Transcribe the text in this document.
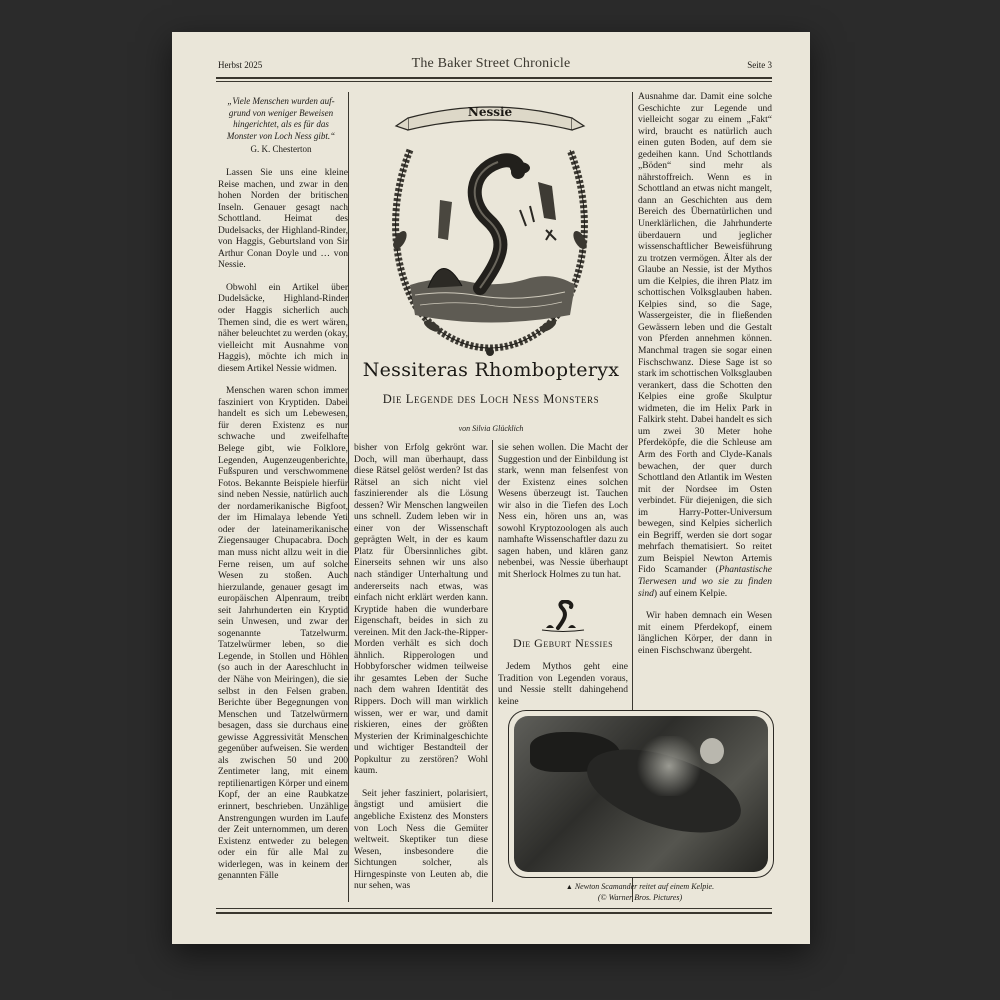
Herbst 2025	The Baker Street Chronicle	Seite 3
„Viele Menschen wurden auf-grund von weniger Beweisen hingerichtet, als es für das Monster von Loch Ness gibt.“
G. K. Chesterton

Lassen Sie uns eine kleine Reise machen, und zwar in den hohen Norden der britischen Inseln. Genauer gesagt nach Schottland. Heimat des Dudelsacks, der Highland-Rinder, von Haggis, Geburtsland von Sir Arthur Conan Doyle und … von Nessie.

Obwohl ein Artikel über Dudelsäcke, Highland-Rinder oder Haggis sicherlich auch Themen sind, die es wert wären, näher beleuchtet zu werden (okay, vielleicht mit Ausnahme von Haggis), möchte ich mich in diesem Artikel Nessie widmen.

Menschen waren schon immer fasziniert von Kryptiden. Dabei handelt es sich um Lebewesen, für deren Existenz es nur schwache und zweifelhafte Belege gibt, wie Folklore, Legenden, Augenzeugenberichte, Fußspuren und verschwommene Fotos. Bekannte Beispiele hierfür sind neben Nessie, natürlich auch der nordamerikanische Bigfoot, der im Himalaya lebende Yeti oder der lateinamerikanische Ziegensauger Chupacabra. Doch man muss nicht allzu weit in die Ferne reisen, um auf solche Wesen zu stoßen. Auch hierzulande, genauer gesagt im europäischen Alpenraum, treibt seit Jahrhunderten ein Kryptid sein Unwesen, und zwar der sogenannte Tatzelwurm. Tatzelwürmer leben, so die Legende, in Stollen und Höhlen (so auch in der Aareschlucht in der Nähe von Meiringen), die sie selbst in den Felsen graben. Berichte über Begegnungen von Menschen und Tatzelwürmern besagen, dass sie durchaus eine gewisse Aggressivität Menschen gegenüber aufweisen. Sie werden als zwischen 50 und 200 Zentimeter lang, mit einem reptilienartigen Körper und einem Kopf, der an eine Raubkatze erinnert, beschrieben. Unzählige Anstrengungen wurden im Laufe der Zeit unternommen, um deren Existenz entweder zu belegen oder ein für alle Mal zu widerlegen, was in keinem der genannten Fälle

Nessie
Nessiteras Rhombopteryx
Die Legende des Loch Ness Monsters
von Silvia Glücklich

bisher von Erfolg gekrönt war. Doch, will man überhaupt, dass diese Rätsel gelöst werden? Ist das Rätsel an sich nicht viel faszinierender als die Lösung dessen? Wir Menschen langweilen uns schnell. Zudem leben wir in einer von der Wissenschaft geprägten Welt, in der es kaum Platz für Übersinnliches gibt. Einerseits sehnen wir uns also nach ständiger Unterhaltung und andererseits nach etwas, was einfach nicht erklärt werden kann. Kryptide haben die wunderbare Eigenschaft, beides in sich zu vereinen. Mit den Jack-the-Ripper-Morden verhält es sich doch ähnlich. Ripperologen und Hobbyforscher widmen teilweise ihr gesamtes Leben der Suche nach dem wahren Identität des Rippers. Doch will man wirklich wissen, wer er war, und damit riskieren, eines der größten Mysterien der Kriminalgeschichte und wichtiger Bestandteil der Popkultur zu zerstören? Wohl kaum.

Seit jeher fasziniert, polarisiert, ängstigt und amüsiert die angebliche Existenz des Monsters von Loch Ness die Gemüter weltweit. Skeptiker tun diese Wesen, insbesondere die Sichtungen solcher, als Hirngespinste von Leuten ab, die nur sehen, was

sie sehen wollen. Die Macht der Suggestion und der Einbildung ist stark, wenn man felsenfest von der Existenz eines solchen Wesens überzeugt ist. Tauchen wir also in die Tiefen des Loch Ness ein, hören uns an, was sowohl Kryptozoologen als auch namhafte Wissenschaftler dazu zu sagen haben, und klären ganz nebenbei, was Nessie überhaupt mit Sherlock Holmes zu tun hat.

Die Geburt Nessies

Jedem Mythos geht eine Tradition von Legenden voraus, und Nessie stellt dahingehend keine

Ausnahme dar. Damit eine solche Geschichte zur Legende und vielleicht sogar zu einem „Fakt“ wird, braucht es natürlich auch einen guten Boden, auf dem sie gedeihen kann. Und Schottlands „Böden“ sind mehr als nährstoffreich. Wenn es in Schottland an etwas nicht mangelt, dann an Geschichten aus dem Bereich des Übernatürlichen und Unerklärlichen, die Jahrhunderte überdauern und jeglicher wissenschaftlicher Beweisführung zu trotzen vermögen. Älter als der Glaube an Nessie, ist der Mythos um die Kelpies, die ihren Platz im schottischen Volksglauben haben. Kelpies sind, so die Sage, Wassergeister, die in fließenden Gewässern leben und die Gestalt von Pferden annehmen können. Manchmal tragen sie sogar einen Fischschwanz. Diese Sage ist so stark im schottischen Volksglauben verankert, dass die Schotten den Kelpies eine große Skulptur widmeten, die im Helix Park in Falkirk steht. Dabei handelt es sich um zwei 30 Meter hohe Pferdeköpfe, die die Schleuse am Arm des Forth and Clyde-Kanals bewachen, der quer durch Schottland den Atlantik im Westen mit der Nordsee im Osten verbindet. Für diejenigen, die sich im Harry-Potter-Universum bewegen, sind Kelpies sicherlich ein Begriff, werden sie dort sogar mehrfach thematisiert. So reitet zum Beispiel Newton Artemis Fido Scamander (Phantastische Tierwesen und wo sie zu finden sind) auf einem Kelpie.

Wir haben demnach ein Wesen mit einem Pferdekopf, einem länglichen Körper, der dann in einen Fischschwanz übergeht.

▲ Newton Scamander reitet auf einem Kelpie.
(© Warner Bros. Pictures)
